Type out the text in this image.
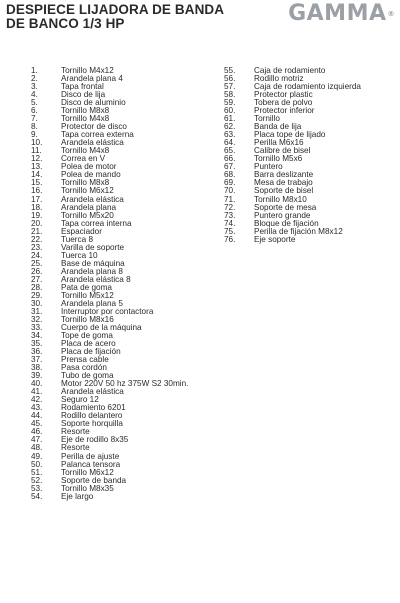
DESPIECE LIJADORA DE BANDA
DE BANCO 1/3 HP	GAMMA®
1.	Tornillo M4x12
2.	Arandela plana 4
3.	Tapa frontal
4.	Disco de lija
5.	Disco de aluminio
6.	Tornillo M8x8
7.	Tornillo M4x8
8.	Protector de disco
9.	Tapa correa externa
10.	Arandela elástica
11.	Tornillo M4x8
12.	Correa en V
13.	Polea de motor
14.	Polea de mando
15.	Tornillo M8x8
16.	Tornillo M6x12
17.	Arandela elástica
18.	Arandela plana
19.	Tornillo M5x20
20.	Tapa correa interna
21.	Espaciador
22.	Tuerca 8
23.	Varilla de soporte
24.	Tuerca 10
25.	Base de máquina
26.	Arandela plana 8
27.	Arandela elástica 8
28.	Pata de goma
29.	Tornillo M5x12
30.	Arandela plana 5
31.	Interruptor por contactora
32.	Tornillo M8x16
33.	Cuerpo de la máquina
34.	Tope de goma
35.	Placa de acero
36.	Placa de fijación
37.	Prensa cable
38.	Pasa cordón
39.	Tubo de goma
40.	Motor 220V 50 hz 375W S2 30min.
41.	Arandela elástica
42.	Seguro 12
43.	Rodamiento 6201
44.	Rodillo delantero
45.	Soporte horquilla
46.	Resorte
47.	Eje de rodillo 8x35
48.	Resorte
49.	Perilla de ajuste
50.	Palanca tensora
51.	Tornillo M6x12
52.	Soporte de banda
53.	Tornillo M8x35
54.	Eje largo
55.	Caja de rodamiento
56.	Rodillo motriz
57.	Caja de rodamiento izquierda
58.	Protector plastic
59.	Tobera de polvo
60.	Protector inferior
61.	Tornillo
62.	Banda de lija
63.	Placa tope de lijado
64.	Perilla M6x16
65.	Calibre de bisel
66.	Tornillo M5x6
67.	Puntero
68.	Barra deslizante
69.	Mesa de trabajo
70.	Soporte de bisel
71.	Tornillo M8x10
72.	Soporte de mesa
73.	Puntero grande
74.	Bloque de fijación
75.	Perilla de fijación M8x12
76.	Eje soporte
